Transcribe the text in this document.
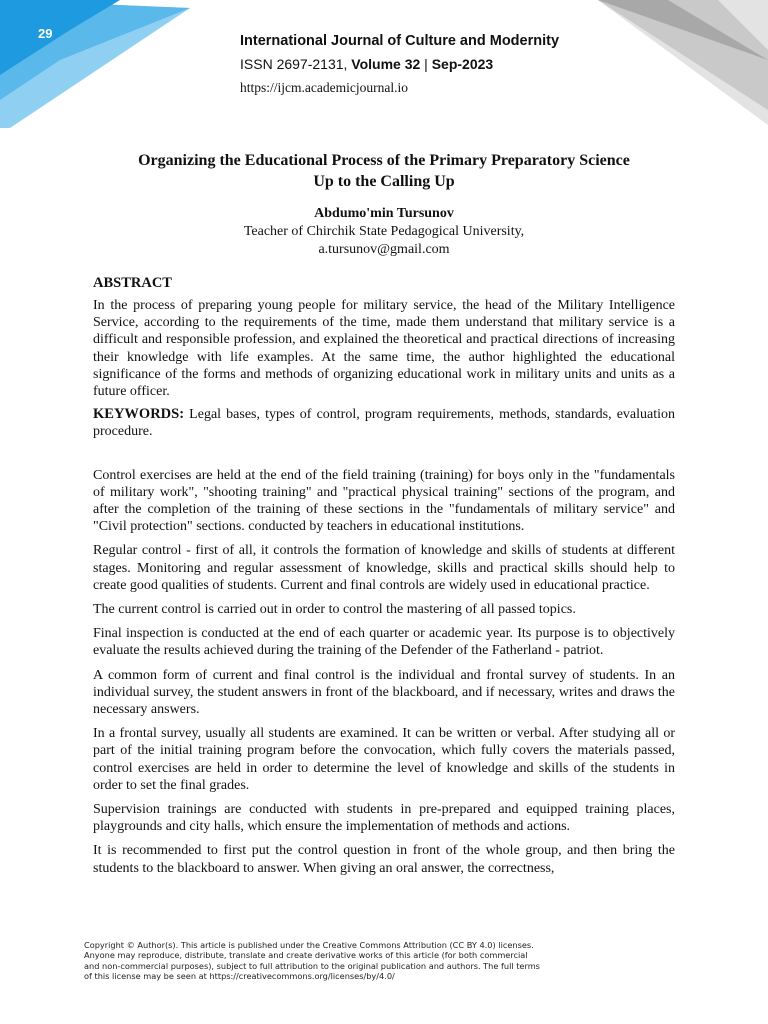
29	International Journal of Culture and Modernity
ISSN 2697-2131, Volume 32 | Sep-2023
https://ijcm.academicjournal.io
Organizing the Educational Process of the Primary Preparatory Science
Up to the Calling Up
Abdumo'min Tursunov
Teacher of Chirchik State Pedagogical University,
a.tursunov@gmail.com
ABSTRACT

In the process of preparing young people for military service, the head of the Military Intelligence Service, according to the requirements of the time, made them understand that military service is a difficult and responsible profession, and explained the theoretical and practical directions of increasing their knowledge with life examples. At the same time, the author highlighted the educational significance of the forms and methods of organizing educational work in military units and units as a future officer.

KEYWORDS: Legal bases, types of control, program requirements, methods, standards, evaluation procedure.

Control exercises are held at the end of the field training (training) for boys only in the "fundamentals of military work", "shooting training" and "practical physical training" sections of the program, and after the completion of the training of these sections in the "fundamentals of military service" and "Civil protection" sections. conducted by teachers in educational institutions.

Regular control - first of all, it controls the formation of knowledge and skills of students at different stages. Monitoring and regular assessment of knowledge, skills and practical skills should help to create good qualities of students. Current and final controls are widely used in educational practice.

The current control is carried out in order to control the mastering of all passed topics.

Final inspection is conducted at the end of each quarter or academic year. Its purpose is to objectively evaluate the results achieved during the training of the Defender of the Fatherland - patriot.

A common form of current and final control is the individual and frontal survey of students. In an individual survey, the student answers in front of the blackboard, and if necessary, writes and draws the necessary answers.

In a frontal survey, usually all students are examined. It can be written or verbal. After studying all or part of the initial training program before the convocation, which fully covers the materials passed, control exercises are held in order to determine the level of knowledge and skills of the students in order to set the final grades.

Supervision trainings are conducted with students in pre-prepared and equipped training places, playgrounds and city halls, which ensure the implementation of methods and actions.

It is recommended to first put the control question in front of the whole group, and then bring the students to the blackboard to answer. When giving an oral answer, the correctness,

Copyright © Author(s). This article is published under the Creative Commons Attribution (CC BY 4.0) licenses.
Anyone may reproduce, distribute, translate and create derivative works of this article (for both commercial
and non-commercial purposes), subject to full attribution to the original publication and authors. The full terms
of this license may be seen at https://creativecommons.org/licenses/by/4.0/
